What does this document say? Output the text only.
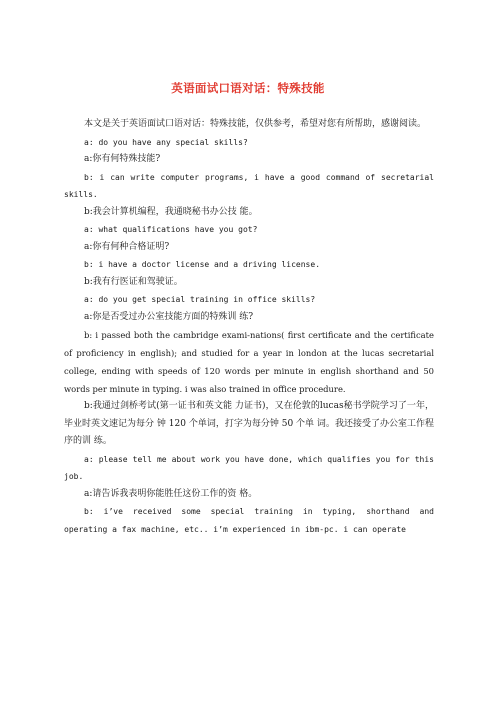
英语面试口语对话：特殊技能

本文是关于英语面试口语对话：特殊技能，仅供参考，希望对您有所帮助，感谢阅读。

a: do you have any special skills?

a:你有何特殊技能?

b: i can write computer programs, i have a good command of secretarial skills.

b:我会计算机编程，我通晓秘书办公技 能。

a: what qualifications have you got?

a:你有何种合格证明?

b: i have a doctor license and a driving license.

b:我有行医证和驾驶证。

a: do you get special training in office skills?

a:你是否受过办公室技能方面的特殊训 练?

b: i passed both the cambridge exami-nations( first certificate and the certificate of proficiency in english); and studied for a year in london at the lucas secretarial college, ending with speeds of 120 words per minute in english shorthand and 50 words per minute in typing. i was also trained in office procedure.

b:我通过剑桥考试(第一证书和英文能 力证书)，又在伦敦的lucas秘书学院学习了一年，毕业时英文速记为每分 钟 120 个单词，打字为每分钟 50 个单 词。我还接受了办公室工作程序的训 练。

a: please tell me about work you have done, which qualifies you for this job.

a:请告诉我表明你能胜任这份工作的资 格。

b: i’ve received some special training in typing, shorthand and operating a fax machine, etc.. i’m experienced in ibm-pc. i can operate
